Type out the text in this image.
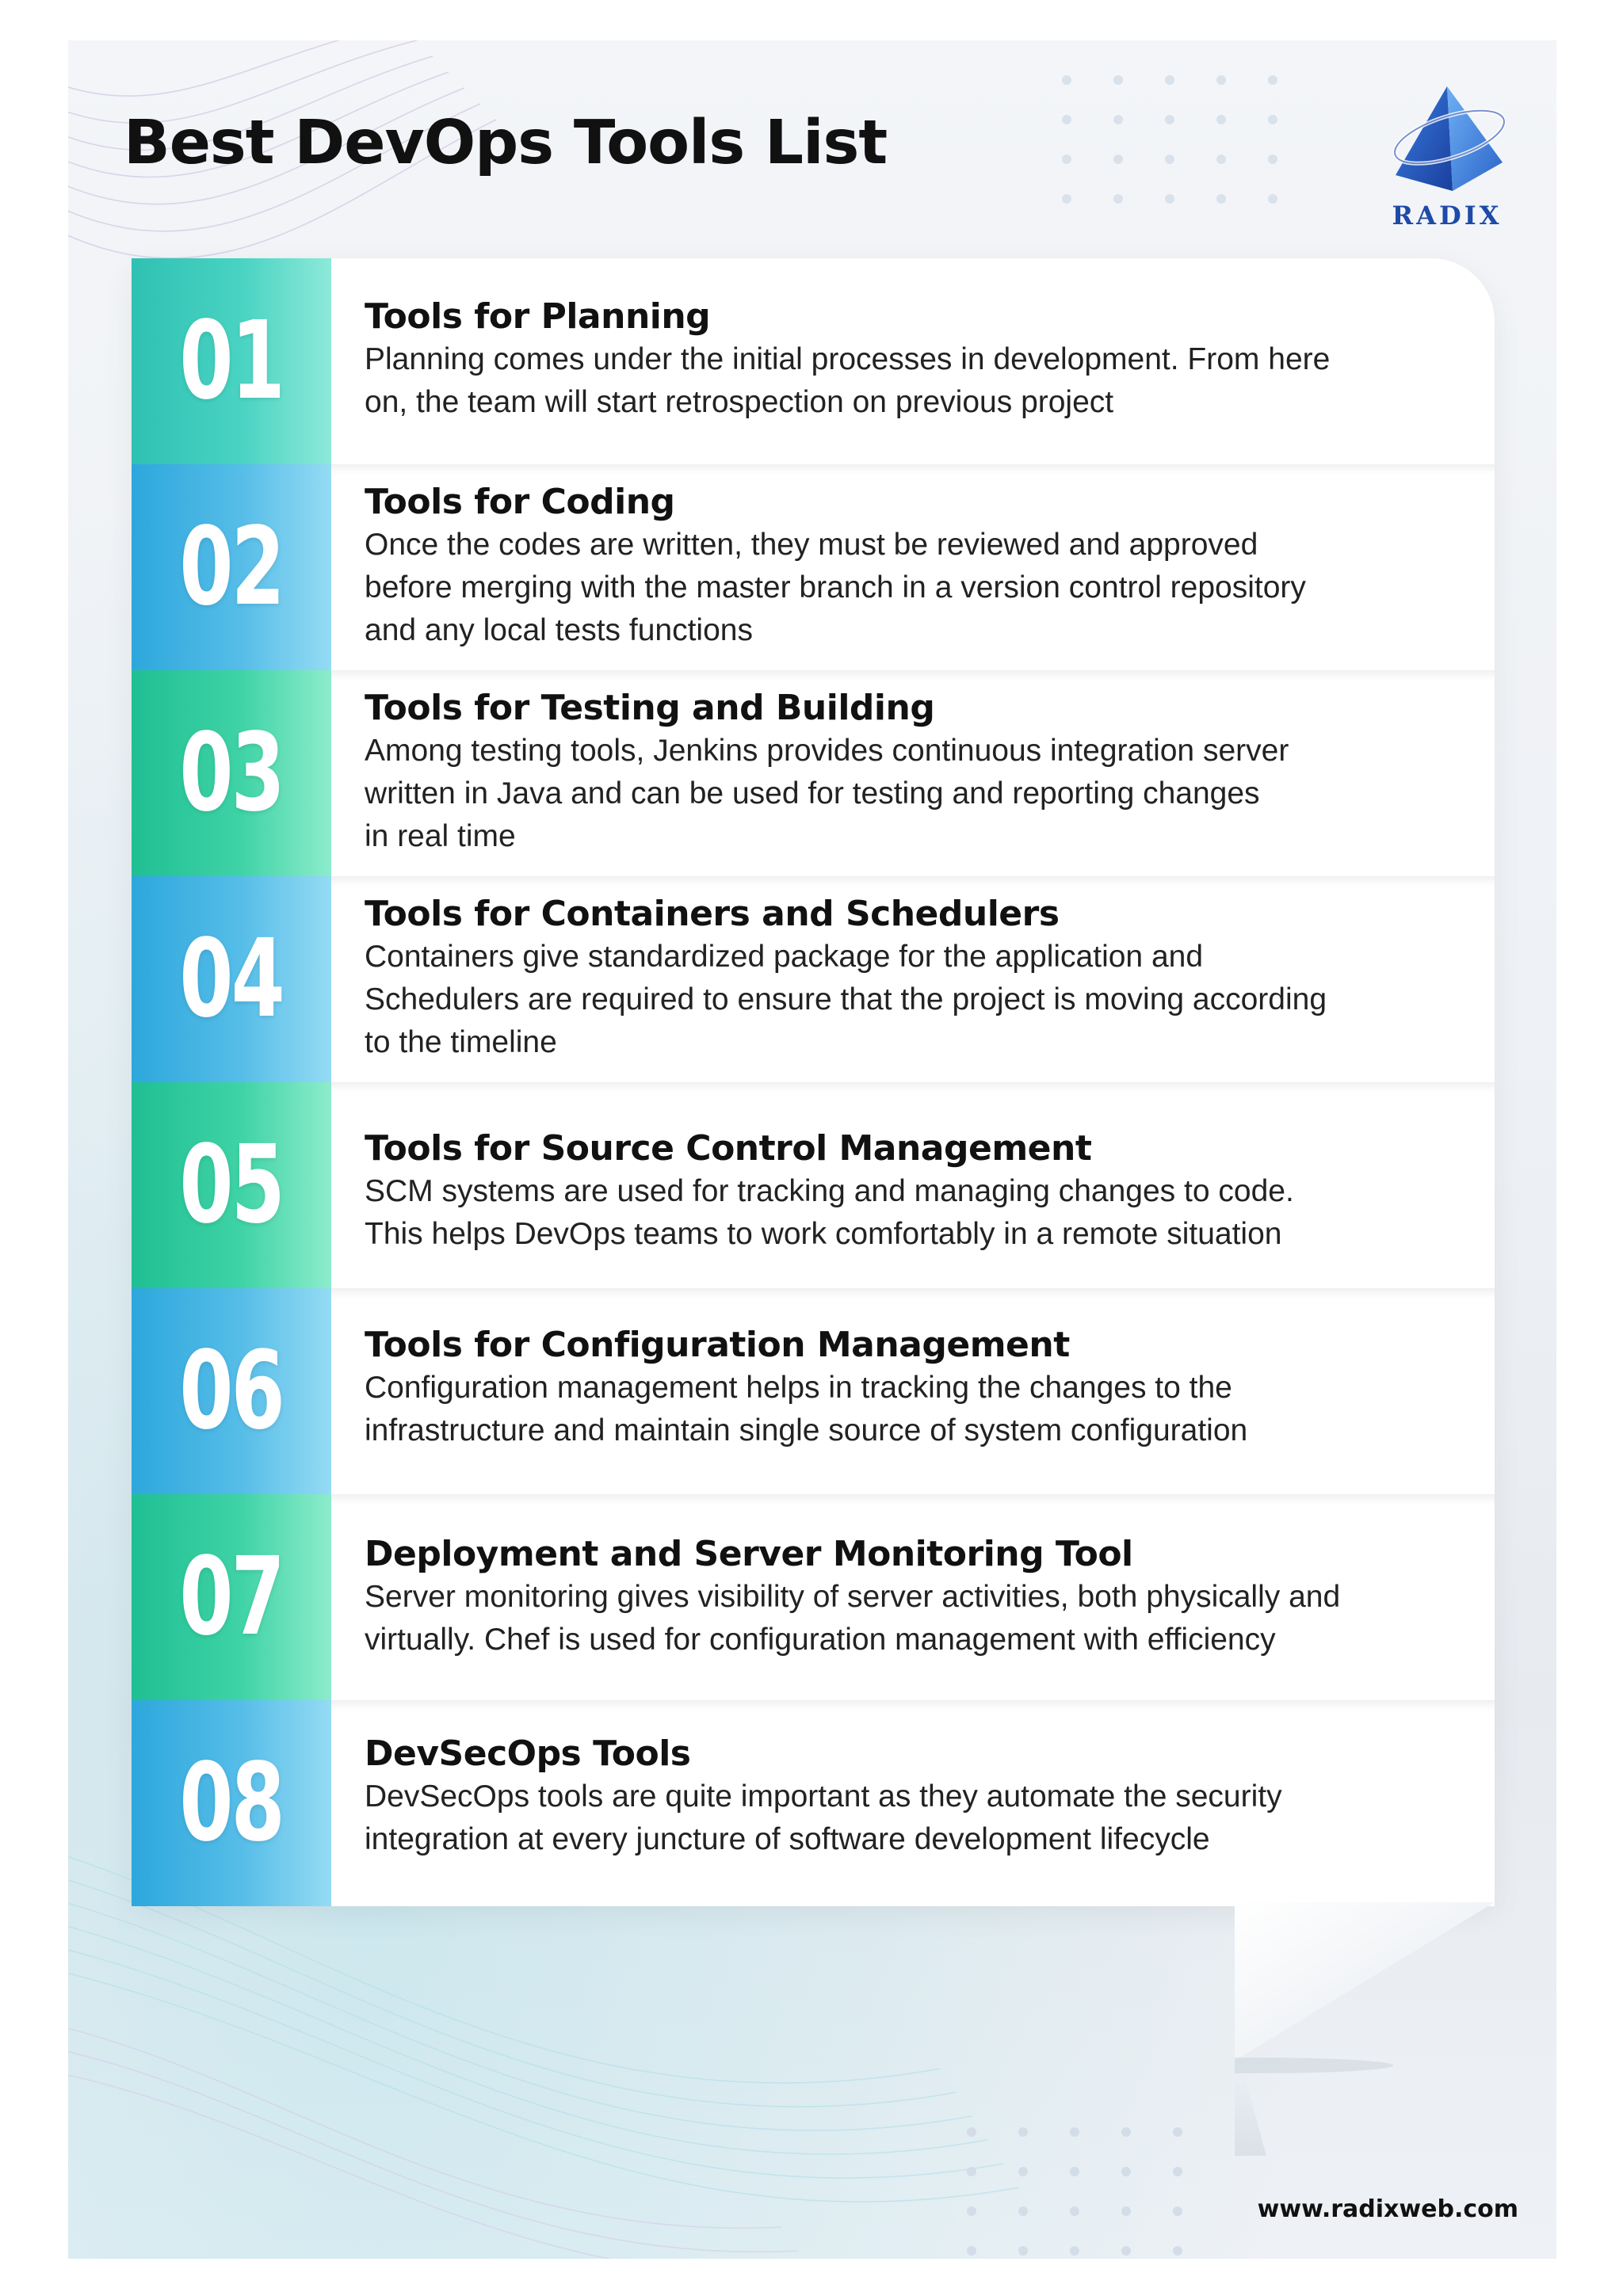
Best DevOps Tools List
RADIX
01 Tools for Planning
Planning comes under the initial processes in development. From here
on, the team will start retrospection on previous project
02
Tools for Coding
Once the codes are written, they must be reviewed and approved
before merging with the master branch in a version control repository
and any local tests functions
03
Tools for Testing and Building
Among testing tools, Jenkins provides continuous integration server
written in Java and can be used for testing and reporting changes
in real time
04
Tools for Containers and Schedulers
Containers give standardized package for the application and
Schedulers are required to ensure that the project is moving according
to the timeline
05 Tools for Source Control Management
SCM systems are used for tracking and managing changes to code.
This helps DevOps teams to work comfortably in a remote situation
06 Tools for Configuration Management
Configuration management helps in tracking the changes to the
infrastructure and maintain single source of system configuration
07 Deployment and Server Monitoring Tool
Server monitoring gives visibility of server activities, both physically and
virtually. Chef is used for configuration management with efficiency
08 DevSecOps Tools
DevSecOps tools are quite important as they automate the security
integration at every juncture of software development lifecycle
www.radixweb.com
